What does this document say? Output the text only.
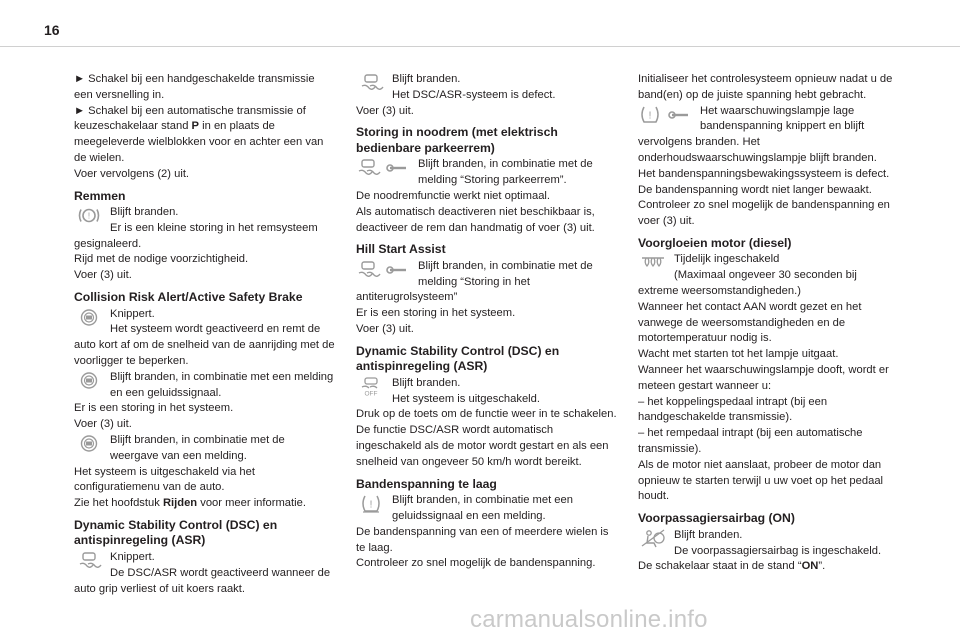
16

► Schakel bij een handgeschakelde transmissie een versnelling in.

► Schakel bij een automatische transmissie of keuzeschakelaar stand P in en plaats de meegeleverde wielblokken voor en achter een van de wielen.

Voer vervolgens (2) uit.

Remmen
!	Blijft branden.

Er is een kleine storing in het remsysteem gesignaleerd.

Rijd met de nodige voorzichtigheid.

Voer (3) uit.

Collision Risk Alert/Active Safety Brake

Knippert.

Het systeem wordt geactiveerd en remt de auto kort af om de snelheid van de aanrijding met de voorligger te beperken.

Blijft branden, in combinatie met een melding en een geluidssignaal.

Er is een storing in het systeem.

Voer (3) uit.

Blijft branden, in combinatie met de weergave van een melding.

Het systeem is uitgeschakeld via het configuratiemenu van de auto.

Zie het hoofdstuk Rijden voor meer informatie.

Dynamic Stability Control (DSC) en antispinregeling (ASR)

Knippert.

De DSC/ASR wordt geactiveerd wanneer de auto grip verliest of uit koers raakt.

Blijft branden.

Het DSC/ASR-systeem is defect.

Voer (3) uit.

Storing in noodrem (met elektrisch bedienbare parkeerrem)

Blijft branden, in combinatie met de melding “Storing parkeerrem”.

De noodremfunctie werkt niet optimaal.

Als automatisch deactiveren niet beschikbaar is, deactiveer de rem dan handmatig of voer (3) uit.

Hill Start Assist

Blijft branden, in combinatie met de melding “Storing in het antiterugrolsysteem”

Er is een storing in het systeem.

Voer (3) uit.

Dynamic Stability Control (DSC) en antispinregeling (ASR)
OFF

Blijft branden.

Het systeem is uitgeschakeld.

Druk op de toets om de functie weer in te schakelen.

De functie DSC/ASR wordt automatisch ingeschakeld als de motor wordt gestart en als een snelheid van ongeveer 50 km/h wordt bereikt.

Bandenspanning te laag
!	Blijft branden, in combinatie met een geluidssignaal en een melding.

De bandenspanning van een of meerdere wielen is te laag.

Controleer zo snel mogelijk de bandenspanning.

Initialiseer het controlesysteem opnieuw nadat u de band(en) op de juiste spanning hebt gebracht.

!	Het waarschuwingslampje lage bandenspanning knippert en blijft vervolgens branden. Het onderhoudswaarschuwingslampje blijft branden.

Het bandenspanningsbewakingssysteem is defect.

De bandenspanning wordt niet langer bewaakt.

Controleer zo snel mogelijk de bandenspanning en voer (3) uit.

Voorgloeien motor (diesel)

Tijdelijk ingeschakeld

(Maximaal ongeveer 30 seconden bij extreme weersomstandigheden.)

Wanneer het contact AAN wordt gezet en het vanwege de weersomstandigheden en de motortemperatuur nodig is.

Wacht met starten tot het lampje uitgaat.

Wanneer het waarschuwingslampje dooft, wordt er meteen gestart wanneer u:

– het koppelingspedaal intrapt (bij een handgeschakelde transmissie).

– het rempedaal intrapt (bij een automatische transmissie).

Als de motor niet aanslaat, probeer de motor dan opnieuw te starten terwijl u uw voet op het pedaal houdt.

Voorpassagiersairbag (ON)

Blijft branden.

De voorpassagiersairbag is ingeschakeld.

De schakelaar staat in de stand “ON”.

carmanualsonline.info
